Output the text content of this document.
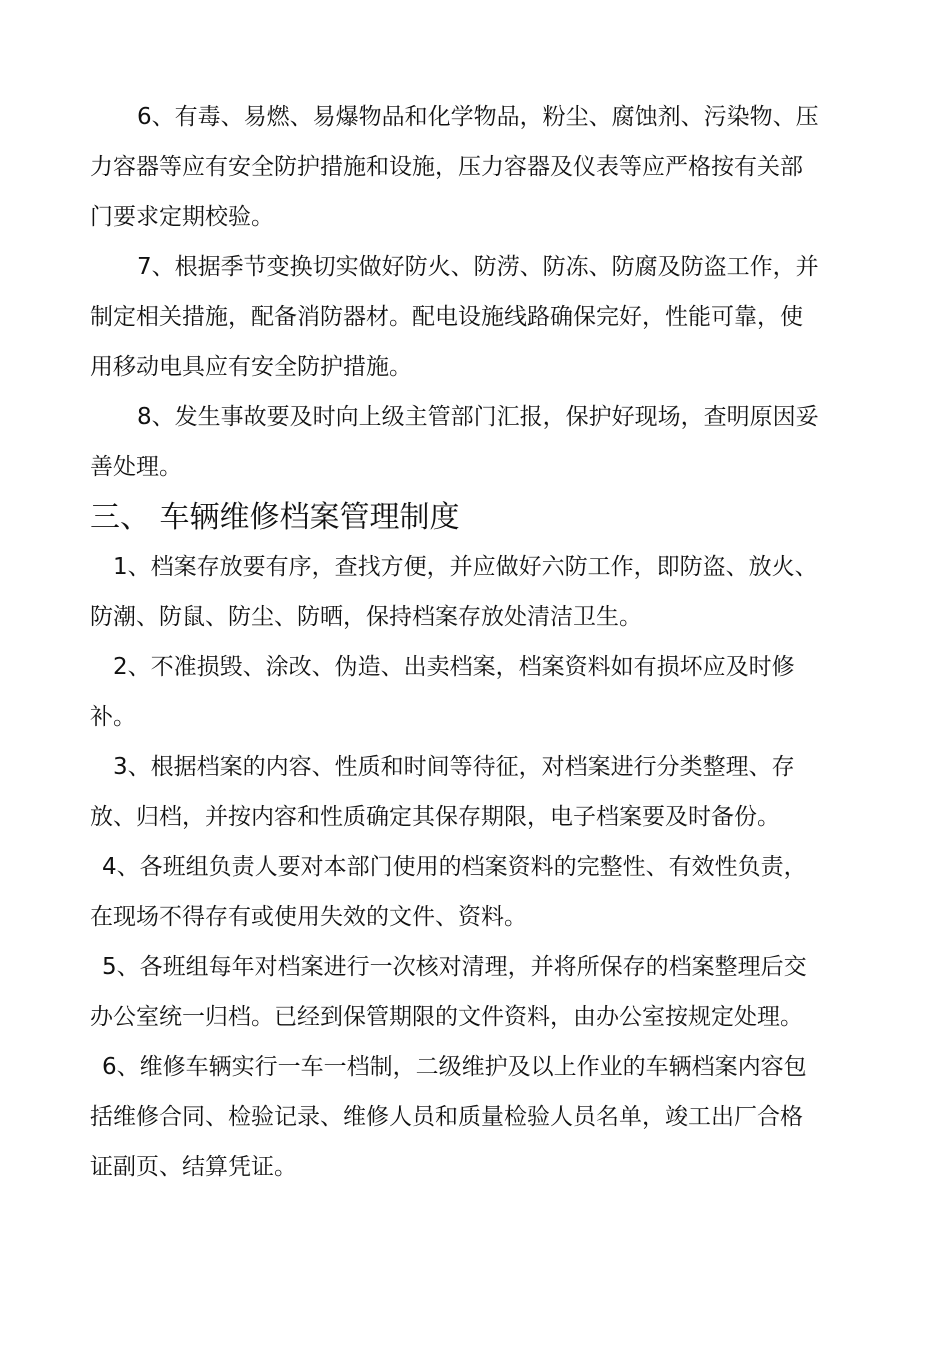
6、有毒、易燃、易爆物品和化学物品，粉尘、腐蚀剂、污染物、压
力容器等应有安全防护措施和设施，压力容器及仪表等应严格按有关部
门要求定期校验。
7、根据季节变换切实做好防火、防涝、防冻、防腐及防盗工作，并
制定相关措施，配备消防器材。配电设施线路确保完好，性能可靠，使
用移动电具应有安全防护措施。
8、发生事故要及时向上级主管部门汇报，保护好现场，查明原因妥
善处理。
三、 车辆维修档案管理制度
1、档案存放要有序，查找方便，并应做好六防工作，即防盗、放火、
防潮、防鼠、防尘、防晒，保持档案存放处清洁卫生。
2、不准损毁、涂改、伪造、出卖档案，档案资料如有损坏应及时修
补。
3、根据档案的内容、性质和时间等待征，对档案进行分类整理、存
放、归档，并按内容和性质确定其保存期限，电子档案要及时备份。
4、各班组负责人要对本部门使用的档案资料的完整性、有效性负责，
在现场不得存有或使用失效的文件、资料。
5、各班组每年对档案进行一次核对清理，并将所保存的档案整理后交
办公室统一归档。已经到保管期限的文件资料，由办公室按规定处理。
6、维修车辆实行一车一档制，二级维护及以上作业的车辆档案内容包
括维修合同、检验记录、维修人员和质量检验人员名单，竣工出厂合格
证副页、结算凭证。
